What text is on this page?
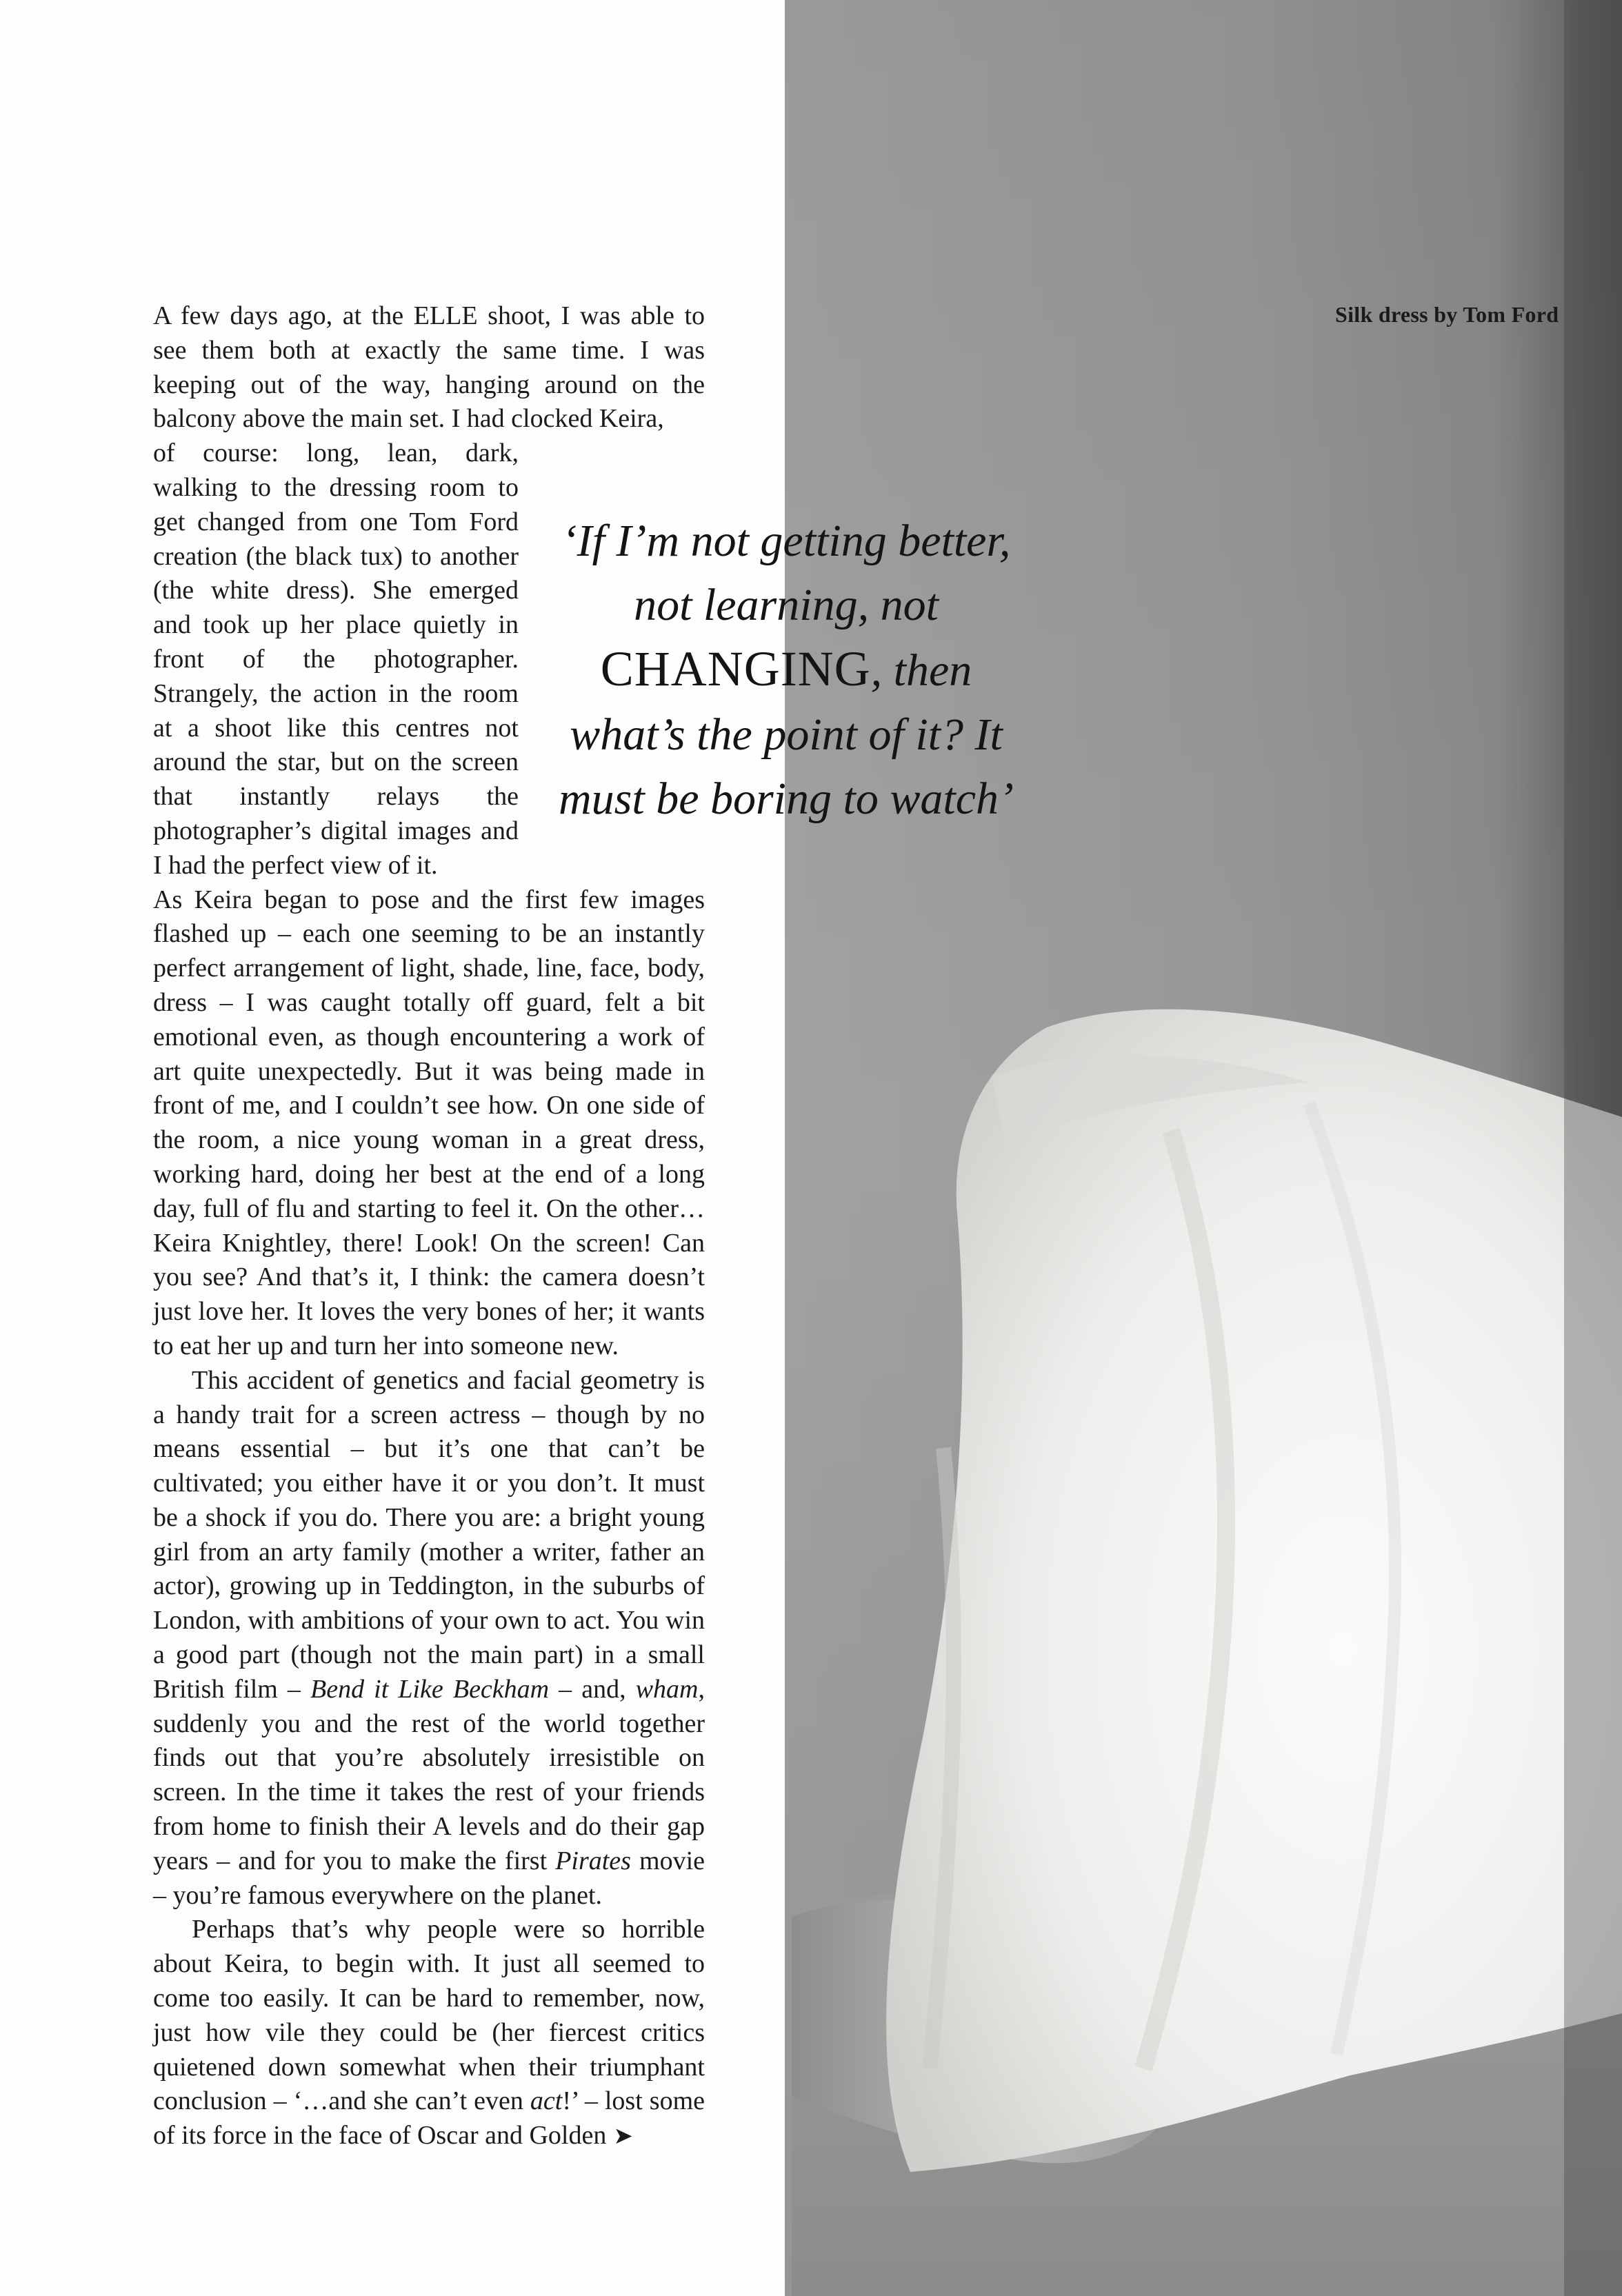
Silk dress by Tom Ford
‘If I’m not getting better,
not learning, not
CHANGING, then
what’s the point of it? It
must be boring to watch’

A few days ago, at the ELLE shoot, I was able to see them both at exactly the same time. I was keeping out of the way, hanging around on the balcony above the main set. I had clocked Keira,

of course: long, lean, dark, walking to the dressing room to get changed from one Tom Ford creation (the black tux) to another (the white dress). She emerged and took up her place quietly in front of the photographer. Strangely, the action in the room at a shoot like this centres not around the star, but on the screen that instantly relays the photographer’s digital images and I had the perfect view of it.

As Keira began to pose and the first few images flashed up – each one seeming to be an instantly perfect arrangement of light, shade, line, face, body, dress – I was caught totally off guard, felt a bit emotional even, as though encountering a work of art quite unexpectedly. But it was being made in front of me, and I couldn’t see how. On one side of the room, a nice young woman in a great dress, working hard, doing her best at the end of a long day, full of flu and starting to feel it. On the other… Keira Knightley, there! Look! On the screen! Can you see? And that’s it, I think: the camera doesn’t just love her. It loves the very bones of her; it wants to eat her up and turn her into someone new.

This accident of genetics and facial geometry is a handy trait for a screen actress – though by no means essential – but it’s one that can’t be cultivated; you either have it or you don’t. It must be a shock if you do. There you are: a bright young girl from an arty family (mother a writer, father an actor), growing up in Teddington, in the suburbs of London, with ambitions of your own to act. You win a good part (though not the main part) in a small British film – Bend it Like Beckham – and, wham, suddenly you and the rest of the world together finds out that you’re absolutely irresistible on screen. In the time it takes the rest of your friends from home to finish their A levels and do their gap years – and for you to make the first Pirates movie – you’re famous everywhere on the planet.

Perhaps that’s why people were so horrible about Keira, to begin with. It just all seemed to come too easily. It can be hard to remember, now, just how vile they could be (her fiercest critics quietened down somewhat when their triumphant conclusion – ‘…and she can’t even act!’ – lost some of its force in the face of Oscar and Golden ➤
